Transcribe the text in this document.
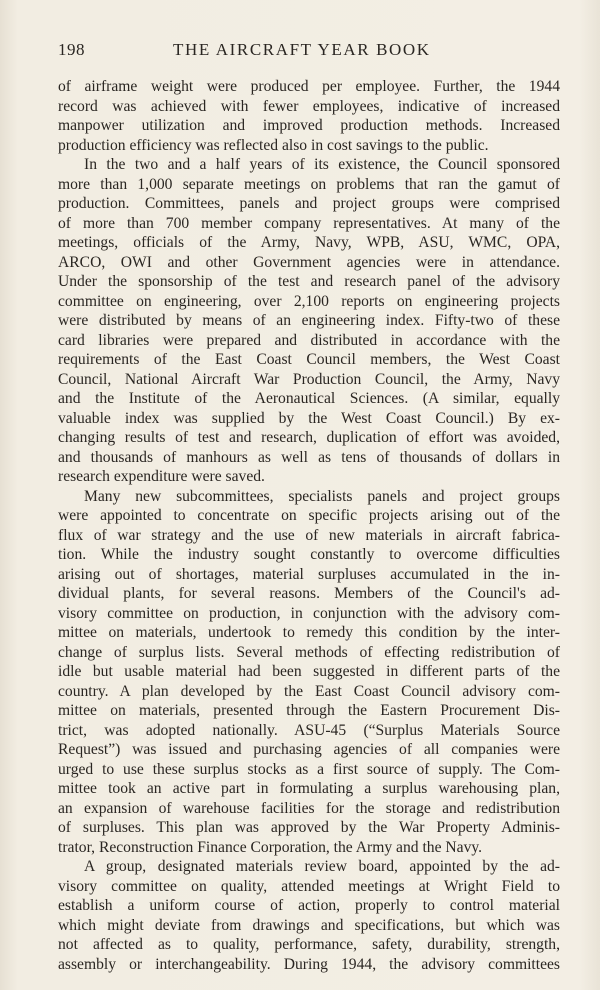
198	THE AIRCRAFT YEAR BOOK
of airframe weight were produced per employee. Further, the 1944
record was achieved with fewer employees, indicative of increased
manpower utilization and improved production methods. Increased
production efficiency was reflected also in cost savings to the public.
In the two and a half years of its existence, the Council sponsored
more than 1,000 separate meetings on problems that ran the gamut of
production. Committees, panels and project groups were comprised
of more than 700 member company representatives. At many of the
meetings, officials of the Army, Navy, WPB, ASU, WMC, OPA,
ARCO, OWI and other Government agencies were in attendance.
Under the sponsorship of the test and research panel of the advisory
committee on engineering, over 2,100 reports on engineering projects
were distributed by means of an engineering index. Fifty-two of these
card libraries were prepared and distributed in accordance with the
requirements of the East Coast Council members, the West Coast
Council, National Aircraft War Production Council, the Army, Navy
and the Institute of the Aeronautical Sciences. (A similar, equally
valuable index was supplied by the West Coast Council.) By ex-
changing results of test and research, duplication of effort was avoided,
and thousands of manhours as well as tens of thousands of dollars in
research expenditure were saved.
Many new subcommittees, specialists panels and project groups
were appointed to concentrate on specific projects arising out of the
flux of war strategy and the use of new materials in aircraft fabrica-
tion. While the industry sought constantly to overcome difficulties
arising out of shortages, material surpluses accumulated in the in-
dividual plants, for several reasons. Members of the Council's ad-
visory committee on production, in conjunction with the advisory com-
mittee on materials, undertook to remedy this condition by the inter-
change of surplus lists. Several methods of effecting redistribution of
idle but usable material had been suggested in different parts of the
country. A plan developed by the East Coast Council advisory com-
mittee on materials, presented through the Eastern Procurement Dis-
trict, was adopted nationally. ASU-45 (“Surplus Materials Source
Request”) was issued and purchasing agencies of all companies were
urged to use these surplus stocks as a first source of supply. The Com-
mittee took an active part in formulating a surplus warehousing plan,
an expansion of warehouse facilities for the storage and redistribution
of surpluses. This plan was approved by the War Property Adminis-
trator, Reconstruction Finance Corporation, the Army and the Navy.
A group, designated materials review board, appointed by the ad-
visory committee on quality, attended meetings at Wright Field to
establish a uniform course of action, properly to control material
which might deviate from drawings and specifications, but which was
not affected as to quality, performance, safety, durability, strength,
assembly or interchangeability. During 1944, the advisory committees
